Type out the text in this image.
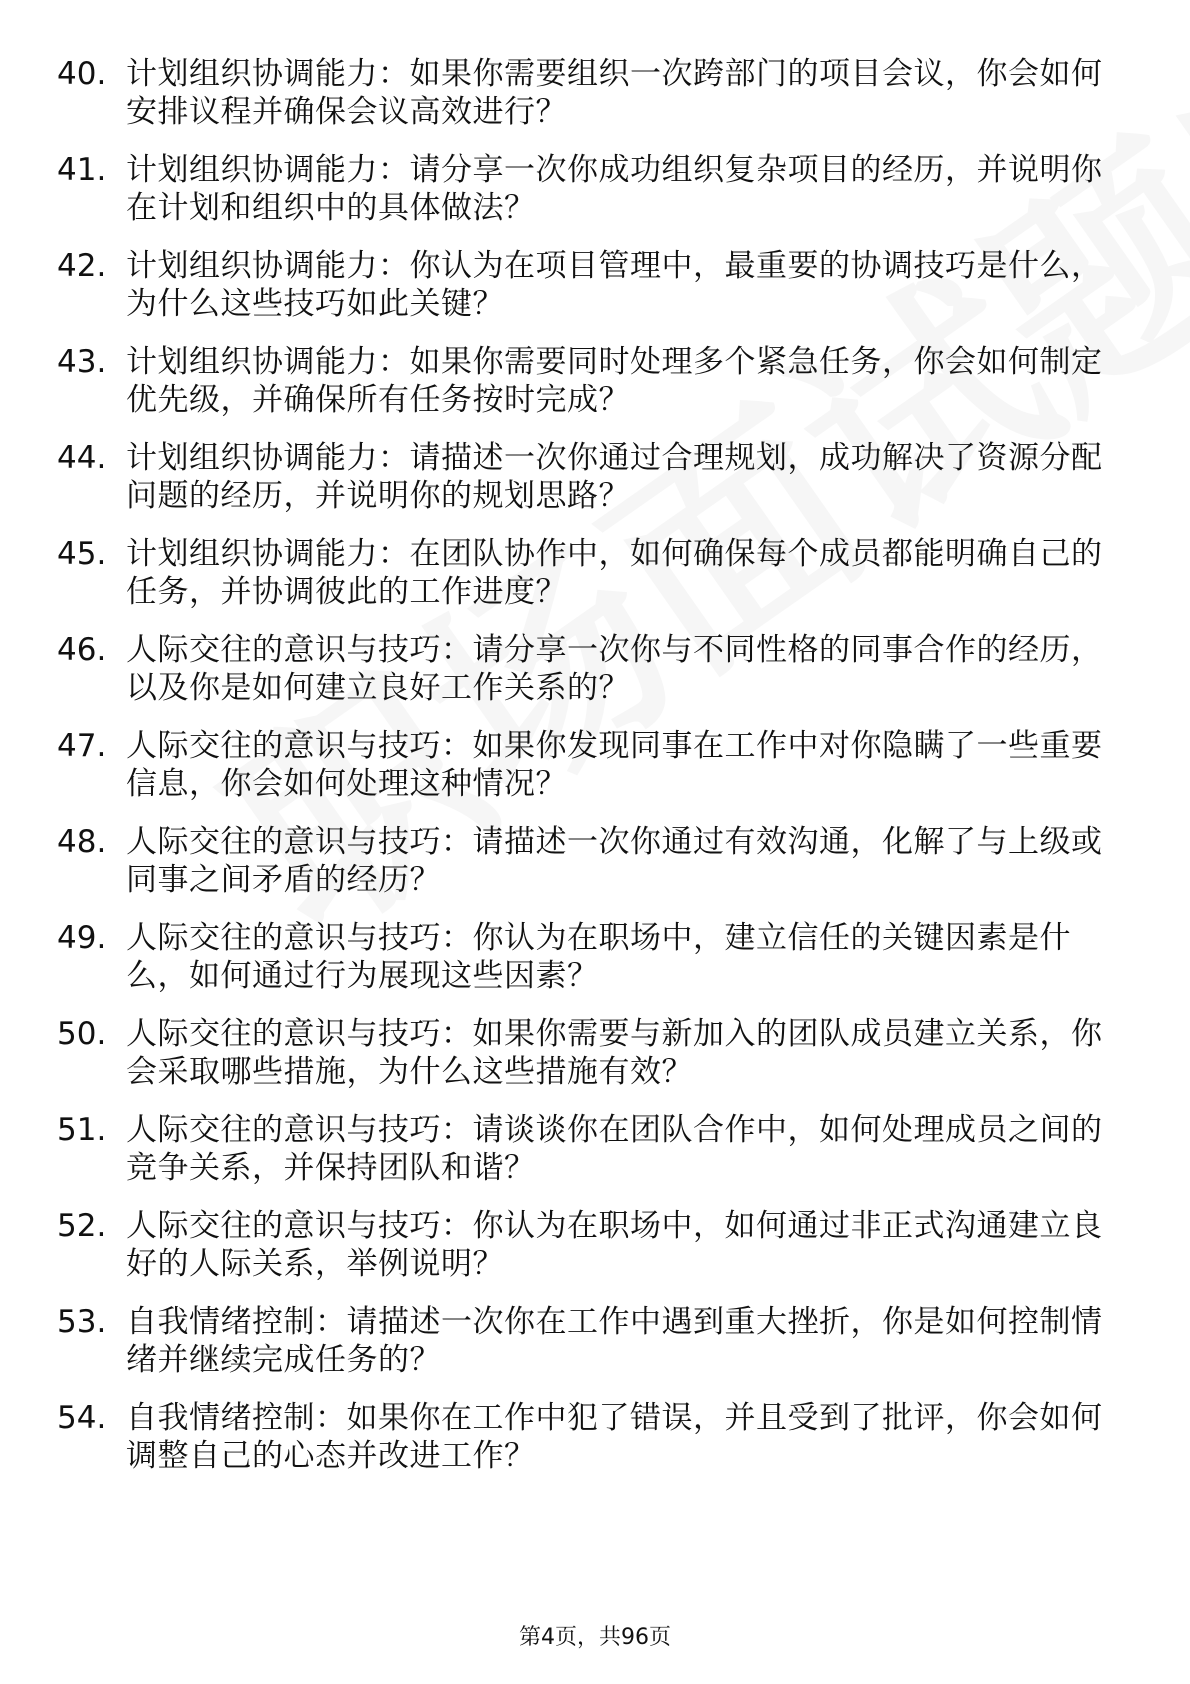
40. 计划组织协调能力：如果你需要组织一次跨部门的项目会议，你会如何安排议程并确保会议高效进行？
41. 计划组织协调能力：请分享一次你成功组织复杂项目的经历，并说明你在计划和组织中的具体做法？
42. 计划组织协调能力：你认为在项目管理中，最重要的协调技巧是什么，为什么这些技巧如此关键？
43. 计划组织协调能力：如果你需要同时处理多个紧急任务，你会如何制定优先级，并确保所有任务按时完成？
44. 计划组织协调能力：请描述一次你通过合理规划，成功解决了资源分配问题的经历，并说明你的规划思路？
45. 计划组织协调能力：在团队协作中，如何确保每个成员都能明确自己的任务，并协调彼此的工作进度？
46. 人际交往的意识与技巧：请分享一次你与不同性格的同事合作的经历，以及你是如何建立良好工作关系的？
47. 人际交往的意识与技巧：如果你发现同事在工作中对你隐瞒了一些重要信息，你会如何处理这种情况？
48. 人际交往的意识与技巧：请描述一次你通过有效沟通，化解了与上级或同事之间矛盾的经历？
49. 人际交往的意识与技巧：你认为在职场中，建立信任的关键因素是什么，如何通过行为展现这些因素？
50. 人际交往的意识与技巧：如果你需要与新加入的团队成员建立关系，你会采取哪些措施，为什么这些措施有效？
51. 人际交往的意识与技巧：请谈谈你在团队合作中，如何处理成员之间的竞争关系，并保持团队和谐？
52. 人际交往的意识与技巧：你认为在职场中，如何通过非正式沟通建立良好的人际关系，举例说明？
53. 自我情绪控制：请描述一次你在工作中遇到重大挫折，你是如何控制情绪并继续完成任务的？
54. 自我情绪控制：如果你在工作中犯了错误，并且受到了批评，你会如何调整自己的心态并改进工作？
第4页，共96页
